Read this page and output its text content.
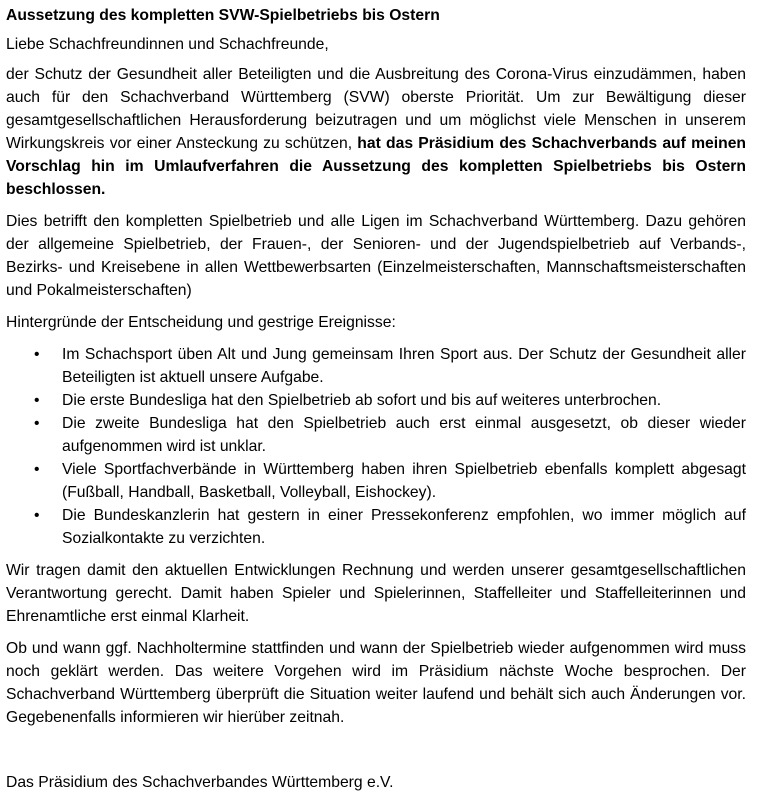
Aussetzung des kompletten SVW-Spielbetriebs bis Ostern
Liebe Schachfreundinnen und Schachfreunde,
der Schutz der Gesundheit aller Beteiligten und die Ausbreitung des Corona-Virus einzudämmen, haben auch für den Schachverband Württemberg (SVW) oberste Priorität. Um zur Bewältigung dieser gesamtgesellschaftlichen Herausforderung beizutragen und um möglichst viele Menschen in unserem Wirkungskreis vor einer Ansteckung zu schützen, hat das Präsidium des Schachverbands auf meinen Vorschlag hin im Umlaufverfahren die Aussetzung des kompletten Spielbetriebs bis Ostern beschlossen.
Dies betrifft den kompletten Spielbetrieb und alle Ligen im Schachverband Württemberg. Dazu gehören der allgemeine Spielbetrieb, der Frauen-, der Senioren- und der Jugendspielbetrieb auf Verbands-, Bezirks- und Kreisebene in allen Wettbewerbsarten (Einzelmeisterschaften, Mannschaftsmeisterschaften und Pokalmeisterschaften)
Hintergründe der Entscheidung und gestrige Ereignisse:
• Im Schachsport üben Alt und Jung gemeinsam Ihren Sport aus. Der Schutz der Gesundheit aller Beteiligten ist aktuell unsere Aufgabe.
• Die erste Bundesliga hat den Spielbetrieb ab sofort und bis auf weiteres unterbrochen.
• Die zweite Bundesliga hat den Spielbetrieb auch erst einmal ausgesetzt, ob dieser wieder aufgenommen wird ist unklar.
• Viele Sportfachverbände in Württemberg haben ihren Spielbetrieb ebenfalls komplett abgesagt (Fußball, Handball, Basketball, Volleyball, Eishockey).
• Die Bundeskanzlerin hat gestern in einer Pressekonferenz empfohlen, wo immer möglich auf Sozialkontakte zu verzichten.
Wir tragen damit den aktuellen Entwicklungen Rechnung und werden unserer gesamtgesellschaftlichen Verantwortung gerecht. Damit haben Spieler und Spielerinnen, Staffelleiter und Staffelleiterinnen und Ehrenamtliche erst einmal Klarheit.
Ob und wann ggf. Nachholtermine stattfinden und wann der Spielbetrieb wieder aufgenommen wird muss noch geklärt werden. Das weitere Vorgehen wird im Präsidium nächste Woche besprochen. Der Schachverband Württemberg überprüft die Situation weiter laufend und behält sich auch Änderungen vor. Gegebenenfalls informieren wir hierüber zeitnah.
Das Präsidium des Schachverbandes Württemberg e.V.
